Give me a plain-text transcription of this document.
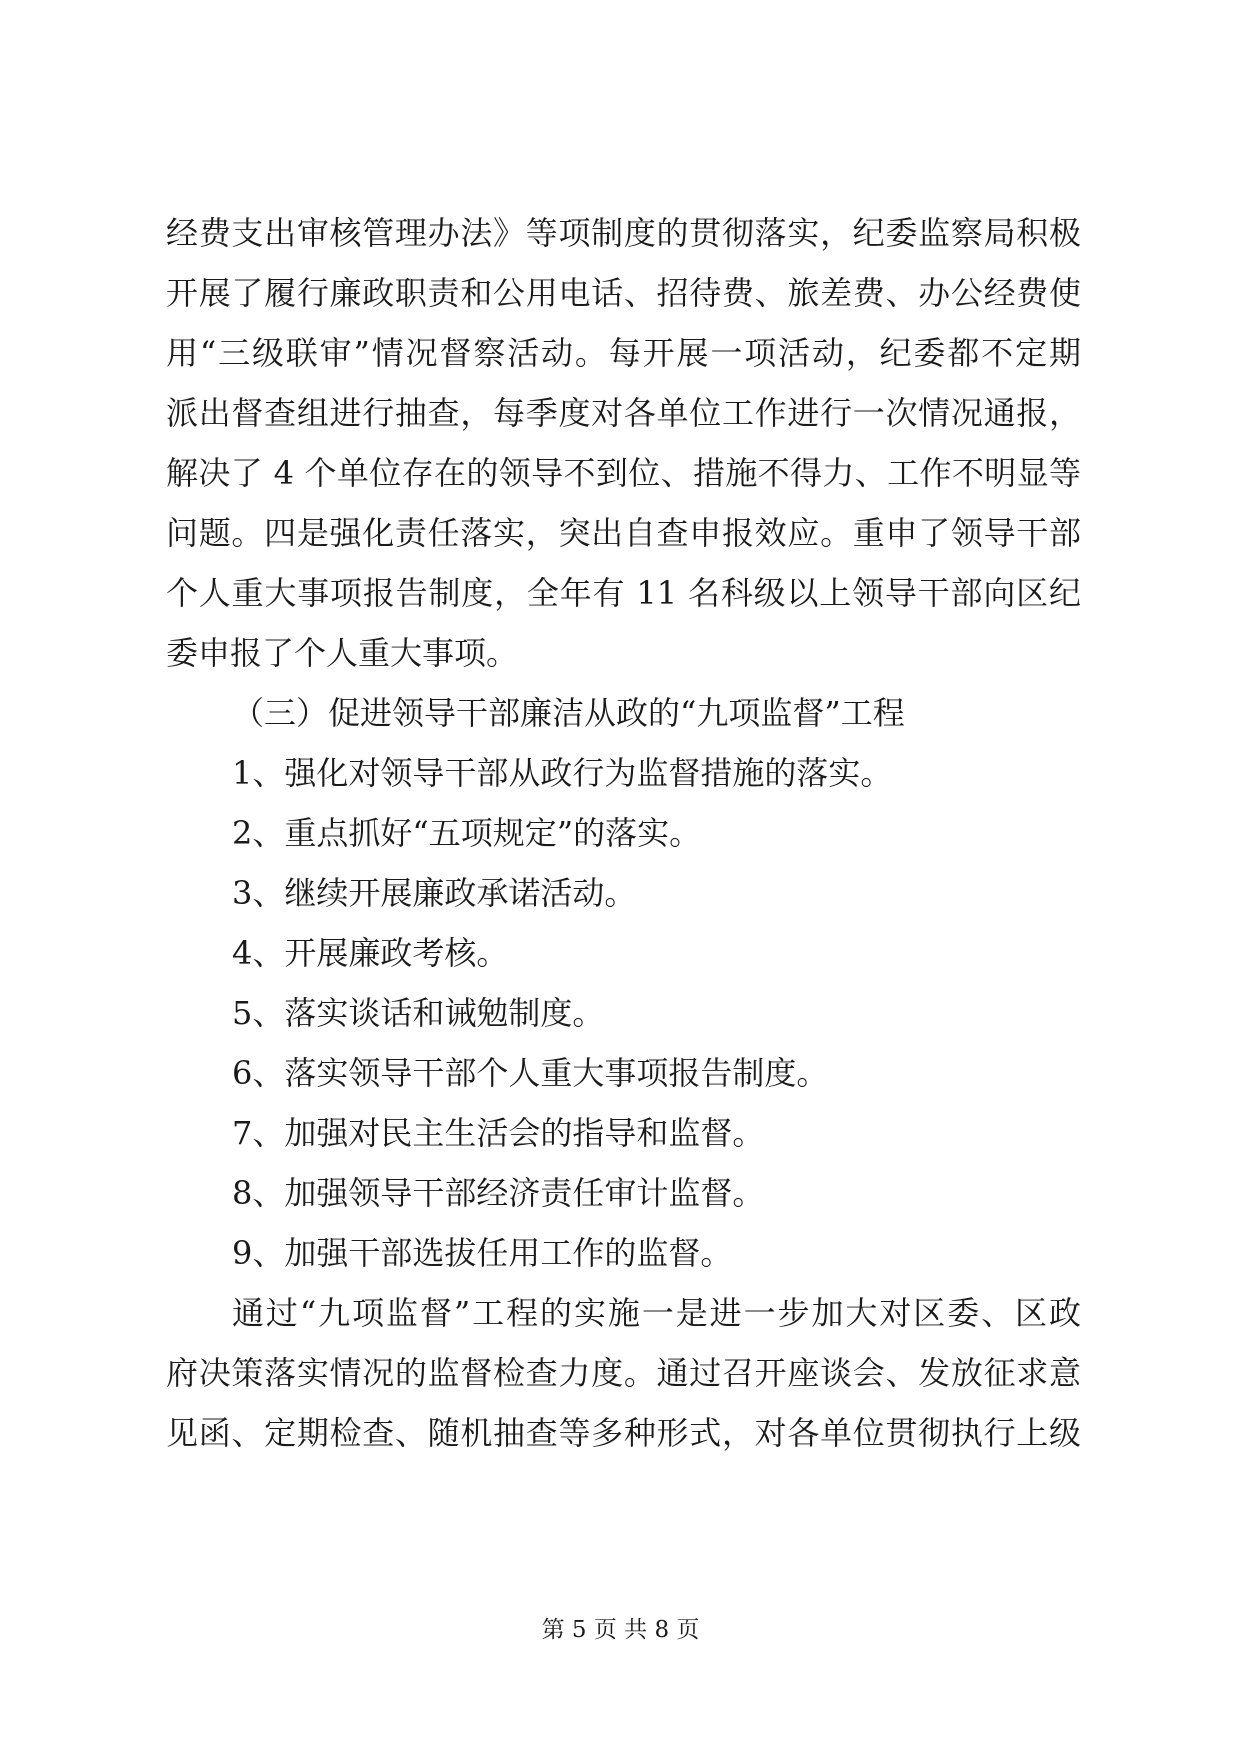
经费支出审核管理办法》等项制度的贯彻落实，纪委监察局积极
开展了履行廉政职责和公用电话、招待费、旅差费、办公经费使
用“三级联审”情况督察活动。每开展一项活动，纪委都不定期
派出督查组进行抽查，每季度对各单位工作进行一次情况通报，
解决了 4 个单位存在的领导不到位、措施不得力、工作不明显等
问题。四是强化责任落实，突出自查申报效应。重申了领导干部
个人重大事项报告制度，全年有 11 名科级以上领导干部向区纪
委申报了个人重大事项。
（三）促进领导干部廉洁从政的“九项监督”工程
1、强化对领导干部从政行为监督措施的落实。
2、重点抓好“五项规定”的落实。
3、继续开展廉政承诺活动。
4、开展廉政考核。
5、落实谈话和诫勉制度。
6、落实领导干部个人重大事项报告制度。
7、加强对民主生活会的指导和监督。
8、加强领导干部经济责任审计监督。
9、加强干部选拔任用工作的监督。
通过“九项监督”工程的实施一是进一步加大对区委、区政
府决策落实情况的监督检查力度。通过召开座谈会、发放征求意
见函、定期检查、随机抽查等多种形式，对各单位贯彻执行上级
第 5 页 共 8 页
